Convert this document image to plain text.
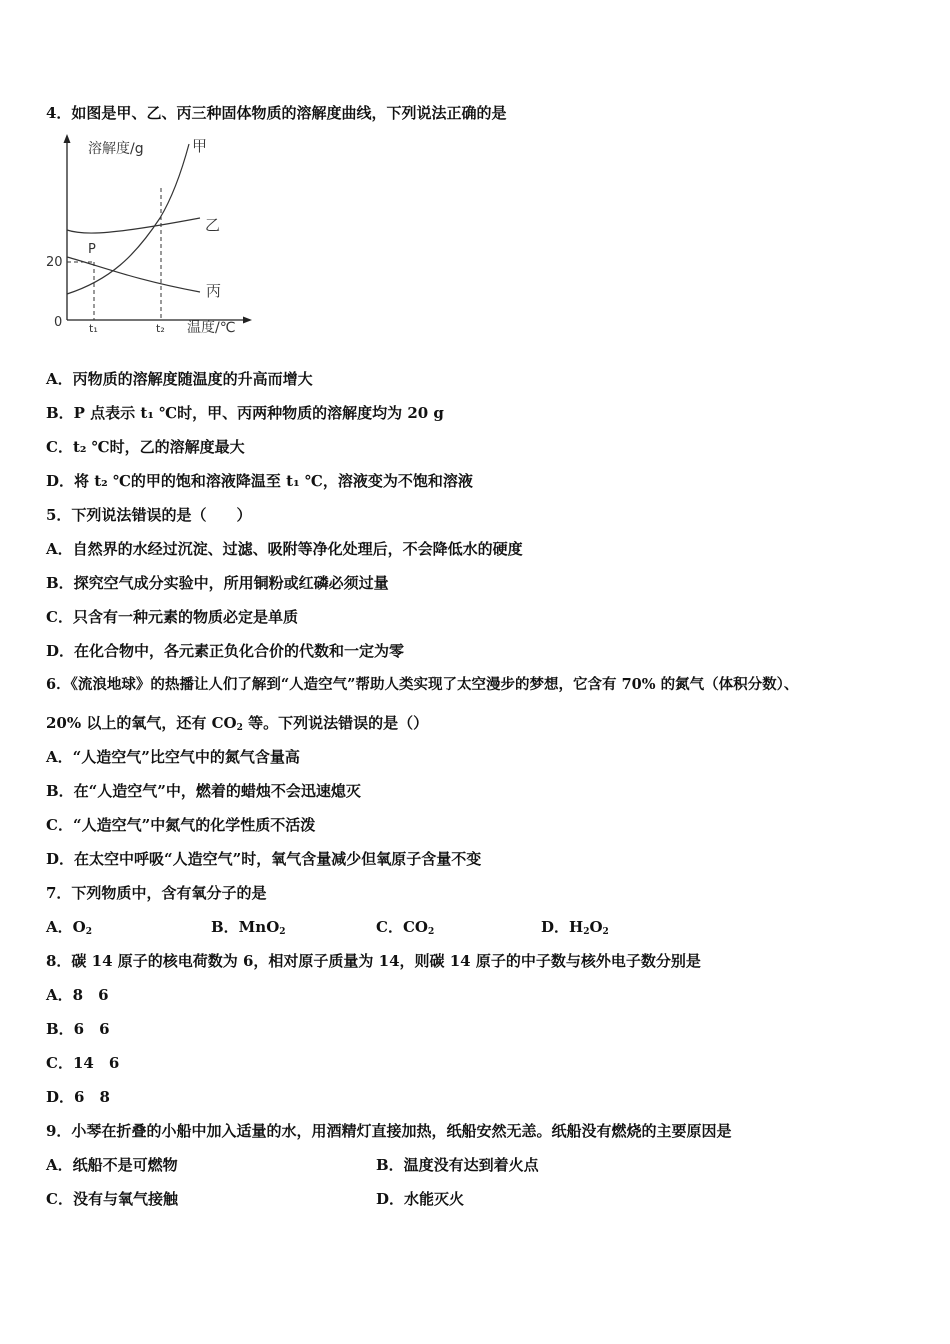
4．如图是甲、乙、丙三种固体物质的溶解度曲线，下列说法正确的是
溶解度/g	甲
乙
丙
P
20
0 t₁	t₂ 温度/℃
A．丙物质的溶解度随温度的升高而增大
B．P 点表示 t₁ ℃时，甲、丙两种物质的溶解度均为 20 g
C．t₂ ℃时，乙的溶解度最大
D．将 t₂ ℃的甲的饱和溶液降温至 t₁ ℃，溶液变为不饱和溶液
5．下列说法错误的是（　　）
A．自然界的水经过沉淀、过滤、吸附等净化处理后，不会降低水的硬度
B．探究空气成分实验中，所用铜粉或红磷必须过量
C．只含有一种元素的物质必定是单质
D．在化合物中，各元素正负化合价的代数和一定为零
6．《流浪地球》的热播让人们了解到“人造空气”帮助人类实现了太空漫步的梦想，它含有 70% 的氮气（体积分数）、
20% 以上的氧气，还有 $CO_2$ 等。下列说法错误的是（）
A．“人造空气”比空气中的氮气含量高
B．在“人造空气”中，燃着的蜡烛不会迅速熄灭
C．“人造空气”中氮气的化学性质不活泼
D．在太空中呼吸“人造空气”时，氧气含量减少但氧原子含量不变
7．下列物质中，含有氧分子的是
A．$O_2$	B．MnO$_2$	C．$CO_2$	D．$H_2O_2$
8．碳 14 原子的核电荷数为 6，相对原子质量为 14，则碳 14 原子的中子数与核外电子数分别是
A．8　6
B．6　6
C．14　6
D．6　8
9．小琴在折叠的小船中加入适量的水，用酒精灯直接加热，纸船安然无恙。纸船没有燃烧的主要原因是
A．纸船不是可燃物	B．温度没有达到着火点
C．没有与氧气接触	D．水能灭火
